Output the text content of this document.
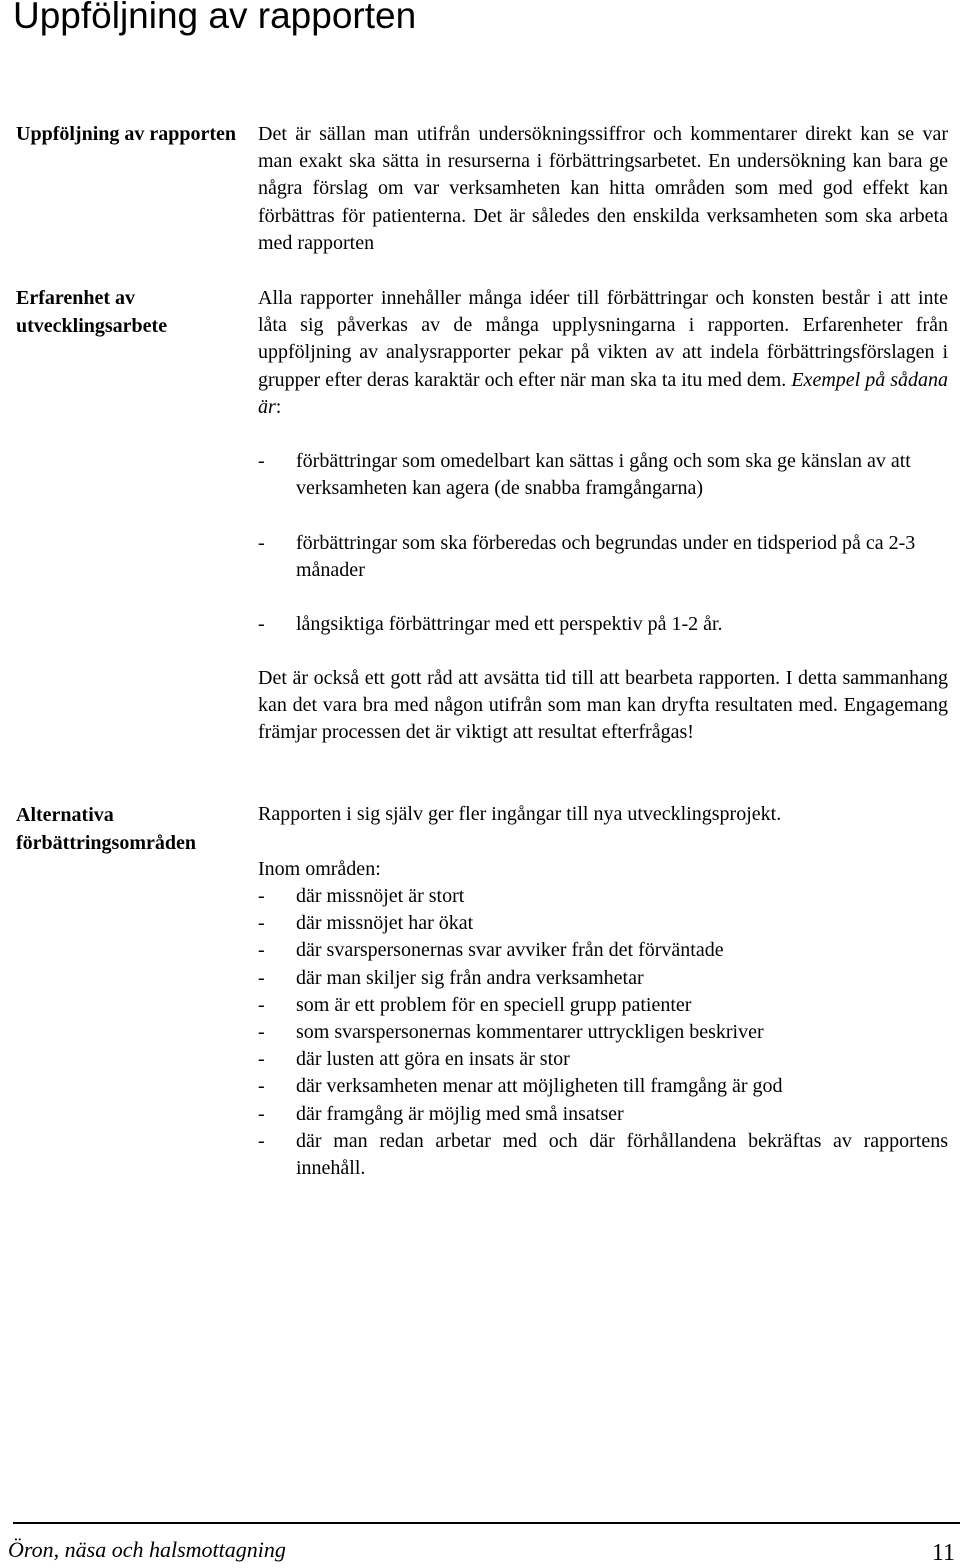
Uppföljning av rapporten
Uppföljning av rapporten Det är sällan man utifrån undersökningssiffror och kommentarer direkt kan se var man exakt ska sätta in resurserna i förbättringsarbetet. En undersökning kan bara ge några förslag om var verksamheten kan hitta områden som med god effekt kan förbättras för patienterna. Det är således den enskilda verksamheten som ska arbeta med rapporten

Erfarenhet av utvecklingsarbete

Alla rapporter innehåller många idéer till förbättringar och konsten består i att inte låta sig påverkas av de många upplysningarna i rapporten. Erfarenheter från uppföljning av analysrapporter pekar på vikten av att indela förbättringsförslagen i grupper efter deras karaktär och efter när man ska ta itu med dem. Exempel på sådana är:

- förbättringar som omedelbart kan sättas i gång och som ska ge känslan av att verksamheten kan agera (de snabba framgångarna)
- förbättringar som ska förberedas och begrundas under en tidsperiod på ca 2-3 månader
- långsiktiga förbättringar med ett perspektiv på 1-2 år.

Det är också ett gott råd att avsätta tid till att bearbeta rapporten. I detta sammanhang kan det vara bra med någon utifrån som man kan dryfta resultaten med. Engagemang främjar processen det är viktigt att resultat efterfrågas!

Alternativa förbättringsområden

Rapporten i sig själv ger fler ingångar till nya utvecklingsprojekt.

Inom områden:

- där missnöjet är stort
- där missnöjet har ökat
- där svarspersonernas svar avviker från det förväntade
- där man skiljer sig från andra verksamhetar
- som är ett problem för en speciell grupp patienter
- som svarspersonernas kommentarer uttryckligen beskriver
- där lusten att göra en insats är stor
- där verksamheten menar att möjligheten till framgång är god
- där framgång är möjlig med små insatser
- där man redan arbetar med och där förhållandena bekräftas av rapportens innehåll.

Öron, näsa och halsmottagning	11
